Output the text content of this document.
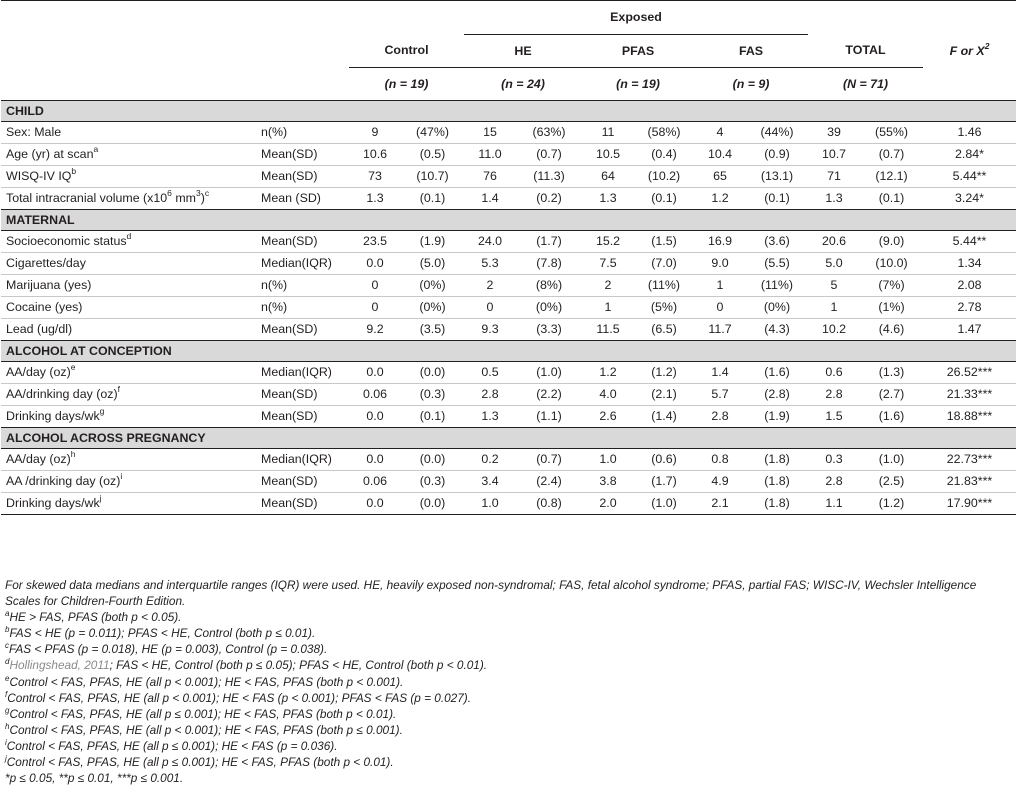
				Exposed								
		Control		HE		PFAS		FAS		TOTAL		F or $X^2$
		(n = 19)		(n = 24)		(n = 19)		(n = 9)		(N = 71)		
CHILD												
Sex: Male	n(%)	9	(47%)	15	(63%)	11	(58%)	4	(44%)	39	(55%)	1.46
Age (yr) at scan$^a$	Mean(SD)	10.6	(0.5)	11.0	(0.7)	10.5	(0.4)	10.4	(0.9)	10.7	(0.7)	2.84*
WISQ-IV $IQ^b$	Mean(SD)	73	(10.7)	76	(11.3)	64	(10.2)	65	(13.1)	71	(12.1)	5.44**
Total intracranial volume ($x10^6$ $mm^3)^c$	Mean (SD)	1.3	(0.1)	1.4	(0.2)	1.3	(0.1)	1.2	(0.1)	1.3	(0.1)	3.24*
MATERNAL												
Socioeconomic status$^d$	Mean(SD)	23.5	(1.9)	24.0	(1.7)	15.2	(1.5)	16.9	(3.6)	20.6	(9.0)	5.44**
Cigarettes/day	Median(IQR)	0.0	(5.0)	5.3	(7.8)	7.5	(7.0)	9.0	(5.5)	5.0	(10.0)	1.34
Marijuana (yes)	n(%)	0	(0%)	2	(8%)	2	(11%)	1	(11%)	5	(7%)	2.08
Cocaine (yes)	n(%)	0	(0%)	0	(0%)	1	(5%)	0	(0%)	1	(1%)	2.78
Lead (ug/dl)	Mean(SD)	9.2	(3.5)	9.3	(3.3)	11.5	(6.5)	11.7	(4.3)	10.2	(4.6)	1.47
ALCOHOL AT CONCEPTION												
AA/day (oz)$^e$	Median(IQR)	0.0	(0.0)	0.5	(1.0)	1.2	(1.2)	1.4	(1.6)	0.6	(1.3)	26.52***
AA/drinking day (oz)$^f$	Mean(SD)	0.06	(0.3)	2.8	(2.2)	4.0	(2.1)	5.7	(2.8)	2.8	(2.7)	21.33***
Drinking days/$wk^g$	Mean(SD)	0.0	(0.1)	1.3	(1.1)	2.6	(1.4)	2.8	(1.9)	1.5	(1.6)	18.88***
ALCOHOL ACROSS PREGNANCY												
AA/day (oz)$^h$	Median(IQR)	0.0	(0.0)	0.2	(0.7)	1.0	(0.6)	0.8	(1.8)	0.3	(1.0)	22.73***
AA /drinking day (oz)$^i$	Mean(SD)	0.06	(0.3)	3.4	(2.4)	3.8	(1.7)	4.9	(1.8)	2.8	(2.5)	21.83***
Drinking days/$wk^j$	Mean(SD)	0.0	(0.0)	1.0	(0.8)	2.0	(1.0)	2.1	(1.8)	1.1	(1.2)	17.90***
For skewed data medians and interquartile ranges (IQR) were used. HE, heavily exposed non-syndromal; FAS, fetal alcohol syndrome; PFAS, partial FAS; WISC-IV, Wechsler Intelligence Scales for Children-Fourth Edition.
$^a$HE > FAS, PFAS (both p < 0.05).
$^b$FAS < HE (p = 0.011); PFAS < HE, Control (both p ≤ 0.01).
$^c$FAS < PFAS (p = 0.018), HE (p = 0.003), Control (p = 0.038).
$^d$Hollingshead, 2011; FAS < HE, Control (both p ≤ 0.05); PFAS < HE, Control (both p < 0.01).
$^e$Control < FAS, PFAS, HE (all p < 0.001); HE < FAS, PFAS (both p < 0.001).
$^f$Control < FAS, PFAS, HE (all p < 0.001); HE < FAS (p < 0.001); PFAS < FAS (p = 0.027).
$^g$Control < FAS, PFAS, HE (all p ≤ 0.001); HE < FAS, PFAS (both p < 0.01).
$^h$Control < FAS, PFAS, HE (all p < 0.001); HE < FAS, PFAS (both p ≤ 0.001).
$^i$Control < FAS, PFAS, HE (all p ≤ 0.001); HE < FAS (p = 0.036).
$^j$Control < FAS, PFAS, HE (all p ≤ 0.001); HE < FAS, PFAS (both p < 0.01).
*p ≤ 0.05, **p ≤ 0.01, ***p ≤ 0.001.
